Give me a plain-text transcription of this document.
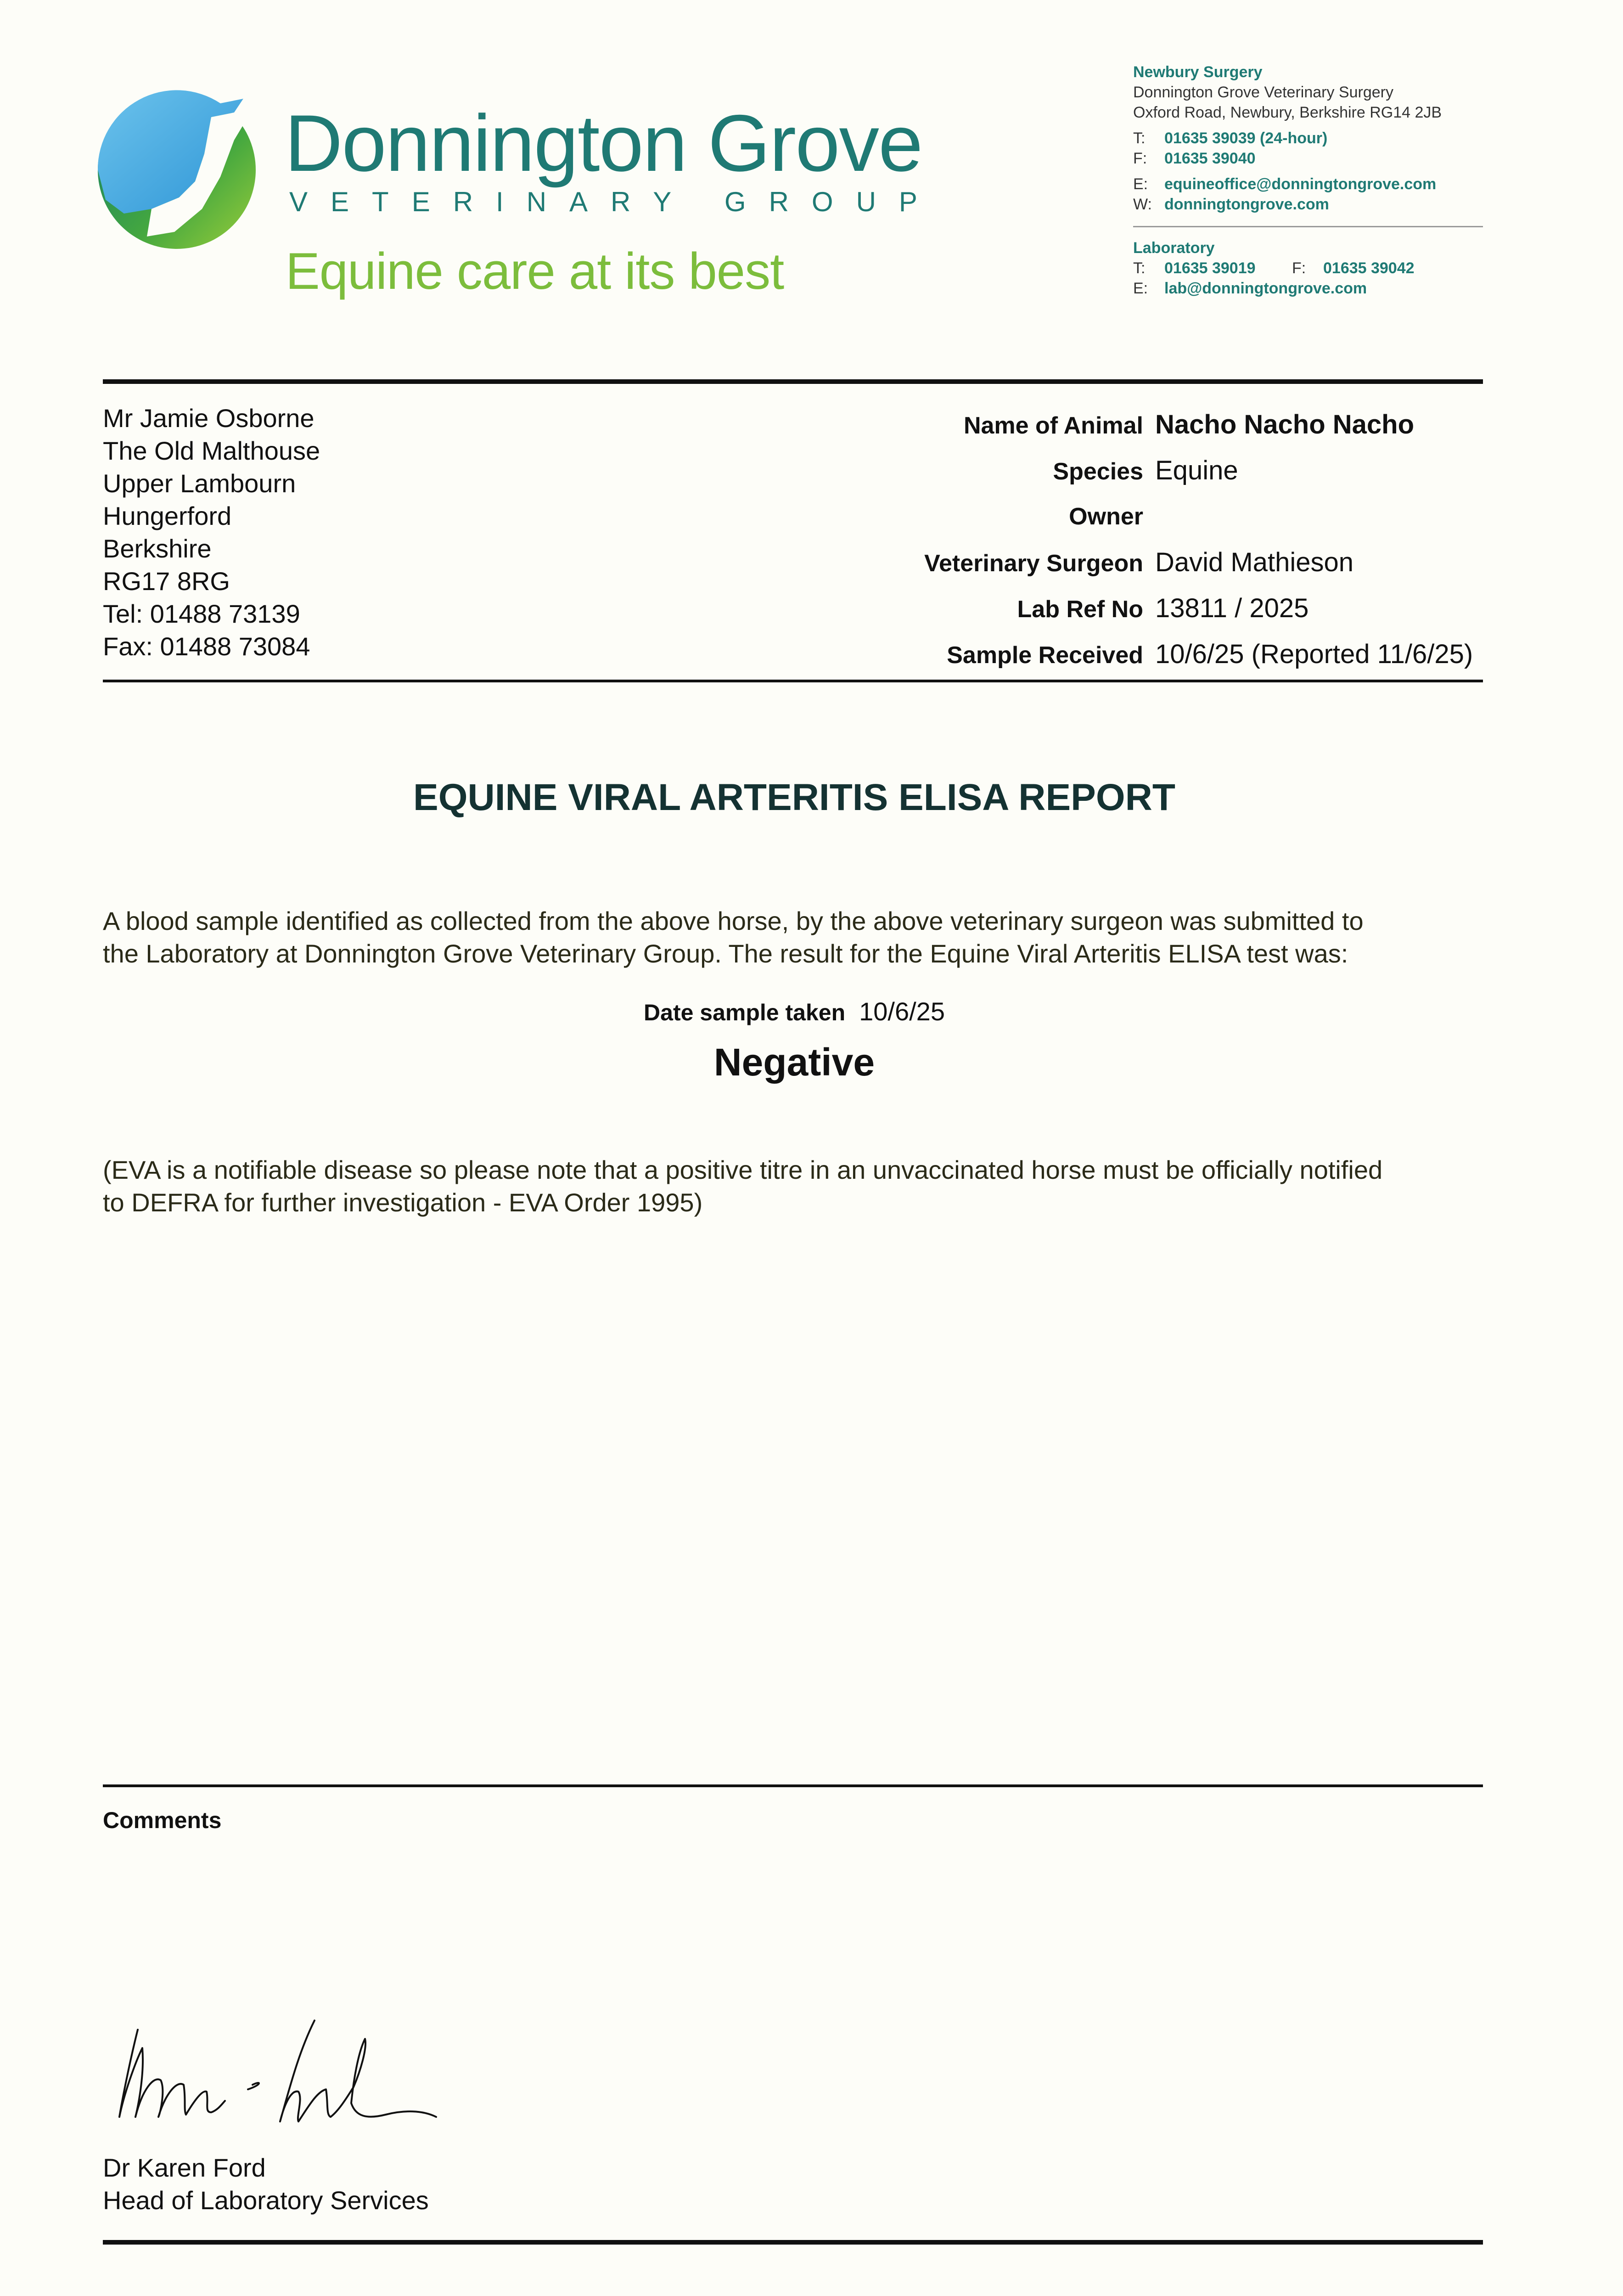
Donnington Grove
VETERINARY GROUP
Equine care at its best
Newbury Surgery
Donnington Grove Veterinary Surgery
Oxford Road, Newbury, Berkshire RG14 2JB
T: 01635 39039 (24-hour)
F: 01635 39040
E: equineoffice@donningtongrove.com
W: donningtongrove.com
Laboratory
T: 01635 39019 F: 01635 39042
E: lab@donningtongrove.com
Mr Jamie Osborne
The Old Malthouse
Upper Lambourn
Hungerford
Berkshire
RG17 8RG
Tel: 01488 73139
Fax: 01488 73084
Name of Animal Nacho Nacho Nacho
Species Equine
Owner
Veterinary Surgeon David Mathieson
Lab Ref No 13811 / 2025
Sample Received 10/6/25 (Reported 11/6/25)
EQUINE VIRAL ARTERITIS ELISA REPORT
A blood sample identified as collected from the above horse, by the above veterinary surgeon was submitted to
the Laboratory at Donnington Grove Veterinary Group. The result for the Equine Viral Arteritis ELISA test was:
Date sample taken 10/6/25
Negative
(EVA is a notifiable disease so please note that a positive titre in an unvaccinated horse must be officially notified
to DEFRA for further investigation - EVA Order 1995)
Comments
Dr Karen Ford
Head of Laboratory Services
